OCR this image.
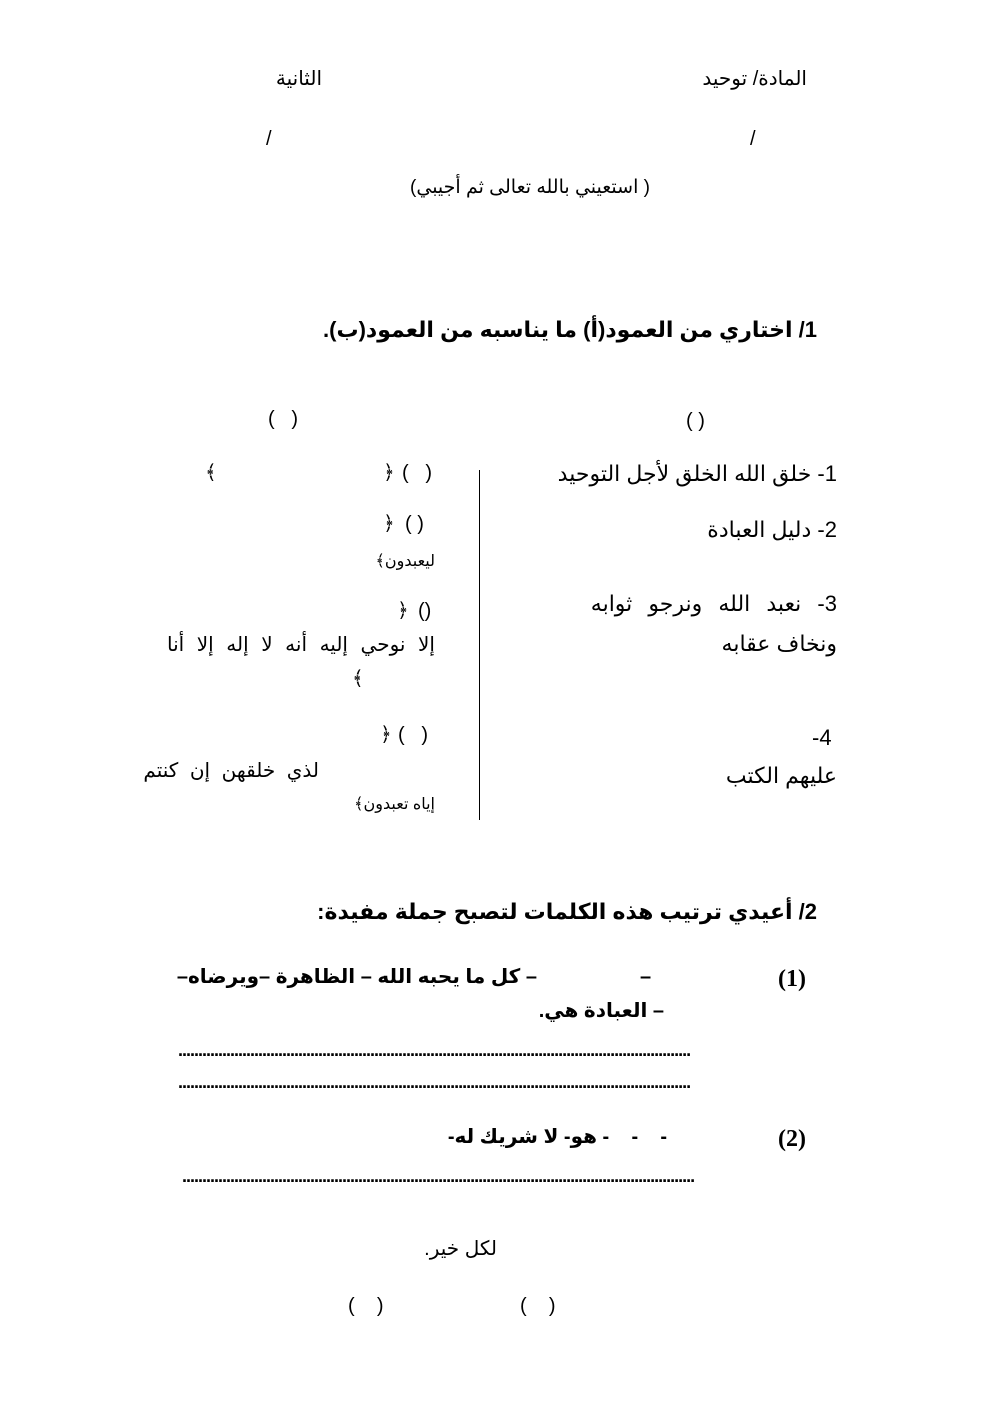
المادة/ توحيد
الثانية
/
/
( استعيني بالله تعالى ثم أجيبي)
1/ اختاري من العمود(أ) ما يناسبه من العمود(ب).
( )
(   )
1- خلق الله الخلق لأجل التوحيد
2- دليل العبادة
3- نعبد الله ونرجو ثوابه
ونخاف عقابه
-4
عليهم الكتب
﴾	﴿ (   )
﴿ ( )
ليعبدون﴾
﴿ ()
إلا نوحي إليه أنه لا إله إلا أنا
﴾
﴿ (   )
لذي خلقهن إن كنتم
إياه تعبدون﴾
2/ أعيدي ترتيب هذه الكلمات لتصبح جملة مفيدة:
(1)
–
– كل ما يحبه الله – الظاهرة –ويرضاه–
– العبادة هي.
................................................................................................................................
................................................................................................................................
(2)
-    -    - هو- لا شريك له-
................................................................................................................................
لكل خير.
(    )
(    )
